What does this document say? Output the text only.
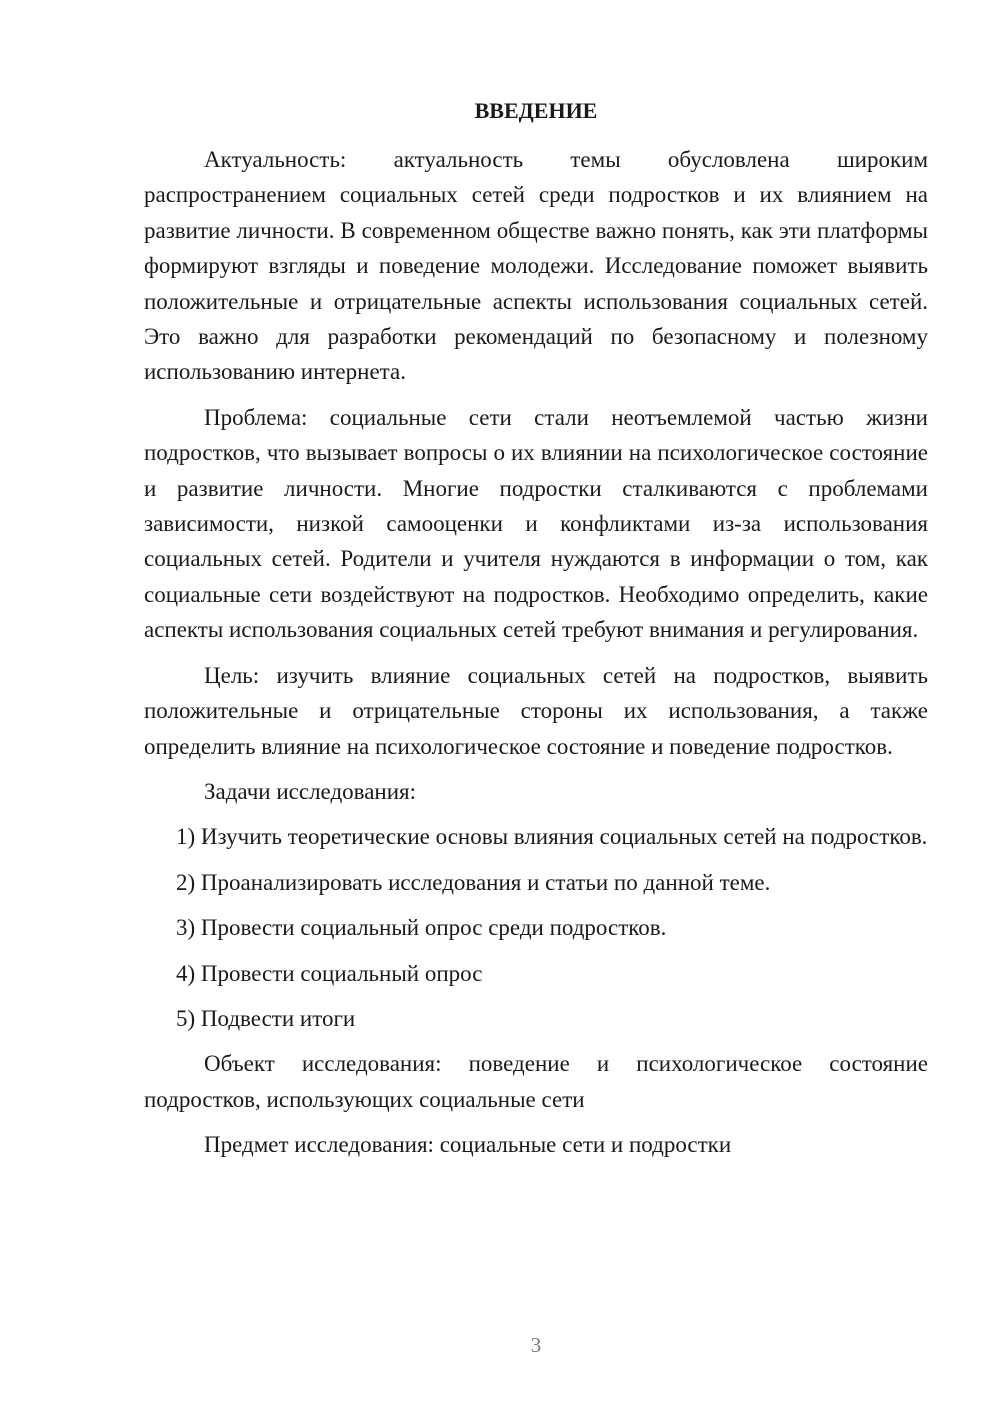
ВВЕДЕНИЕ

Актуальность: актуальность темы обусловлена широким распространением социальных сетей среди подростков и их влиянием на развитие личности. В современном обществе важно понять, как эти платформы формируют взгляды и поведение молодежи. Исследование поможет выявить положительные и отрицательные аспекты использования социальных сетей. Это важно для разработки рекомендаций по безопасному и полезному использованию интернета.

Проблема: социальные сети стали неотъемлемой частью жизни подростков, что вызывает вопросы о их влиянии на психологическое состояние и развитие личности. Многие подростки сталкиваются с проблемами зависимости, низкой самооценки и конфликтами из-за использования социальных сетей. Родители и учителя нуждаются в информации о том, как социальные сети воздействуют на подростков. Необходимо определить, какие аспекты использования социальных сетей требуют внимания и регулирования.

Цель: изучить влияние социальных сетей на подростков, выявить положительные и отрицательные стороны их использования, а также определить влияние на психологическое состояние и поведение подростков.

Задачи исследования:

1) Изучить теоретические основы влияния социальных сетей на подростков.

2) Проанализировать исследования и статьи по данной теме.

3) Провести социальный опрос среди подростков.

4) Провести социальный опрос

5) Подвести итоги

Объект исследования: поведение и психологическое состояние подростков, использующих социальные сети

Предмет исследования: социальные сети и подростки

3
